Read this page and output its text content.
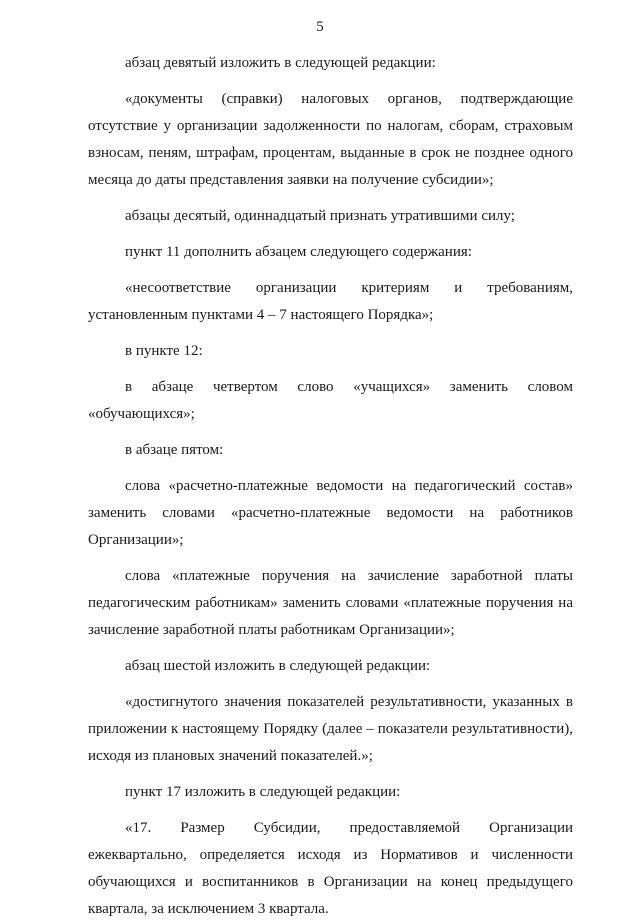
5

абзац девятый изложить в следующей редакции:

«документы (справки) налоговых органов, подтверждающие отсутствие у организации задолженности по налогам, сборам, страховым взносам, пеням, штрафам, процентам, выданные в срок не позднее одного месяца до даты представления заявки на получение субсидии»;

абзацы десятый, одиннадцатый признать утратившими силу;

пункт 11 дополнить абзацем следующего содержания:

«несоответствие организации критериям и требованиям, установленным пунктами 4 – 7 настоящего Порядка»;

в пункте 12:

в абзаце четвертом слово «учащихся» заменить словом «обучающихся»;

в абзаце пятом:

слова «расчетно-платежные ведомости на педагогический состав» заменить словами «расчетно-платежные ведомости на работников Организации»;

слова «платежные поручения на зачисление заработной платы педагогическим работникам» заменить словами «платежные поручения на зачисление заработной платы работникам Организации»;

абзац шестой изложить в следующей редакции:

«достигнутого значения показателей результативности, указанных в приложении к настоящему Порядку (далее – показатели результативности), исходя из плановых значений показателей.»;

пункт 17 изложить в следующей редакции:

«17. Размер Субсидии, предоставляемой Организации ежеквартально, определяется исходя из Нормативов и численности обучающихся и воспитанников в Организации на конец предыдущего квартала, за исключением 3 квартала.
